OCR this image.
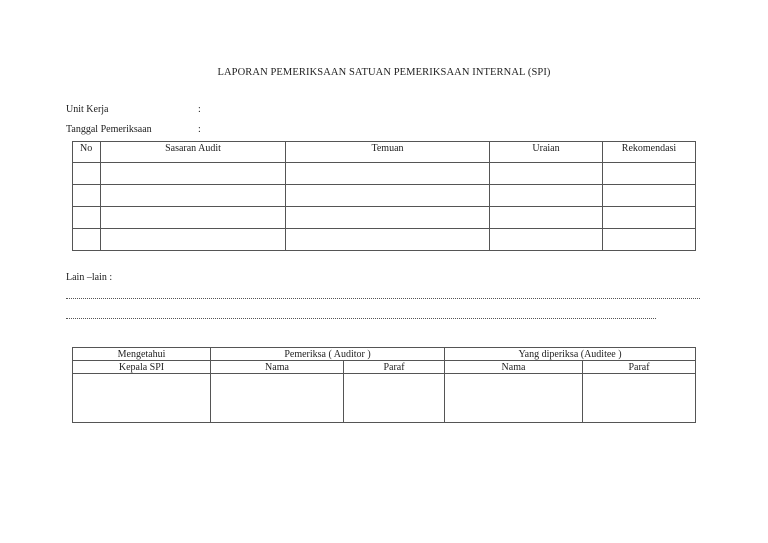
LAPORAN PEMERIKSAAN SATUAN PEMERIKSAAN INTERNAL (SPI)
Unit Kerja	:
Tanggal Pemeriksaan	:
No	Sasaran Audit	Temuan	Uraian	Rekomendasi

Lain –lain :
Mengetahui	Pemeriksa ( Auditor )		Yang diperiksa (Auditee )	
Kepala SPI	Nama	Paraf	Nama	Paraf
